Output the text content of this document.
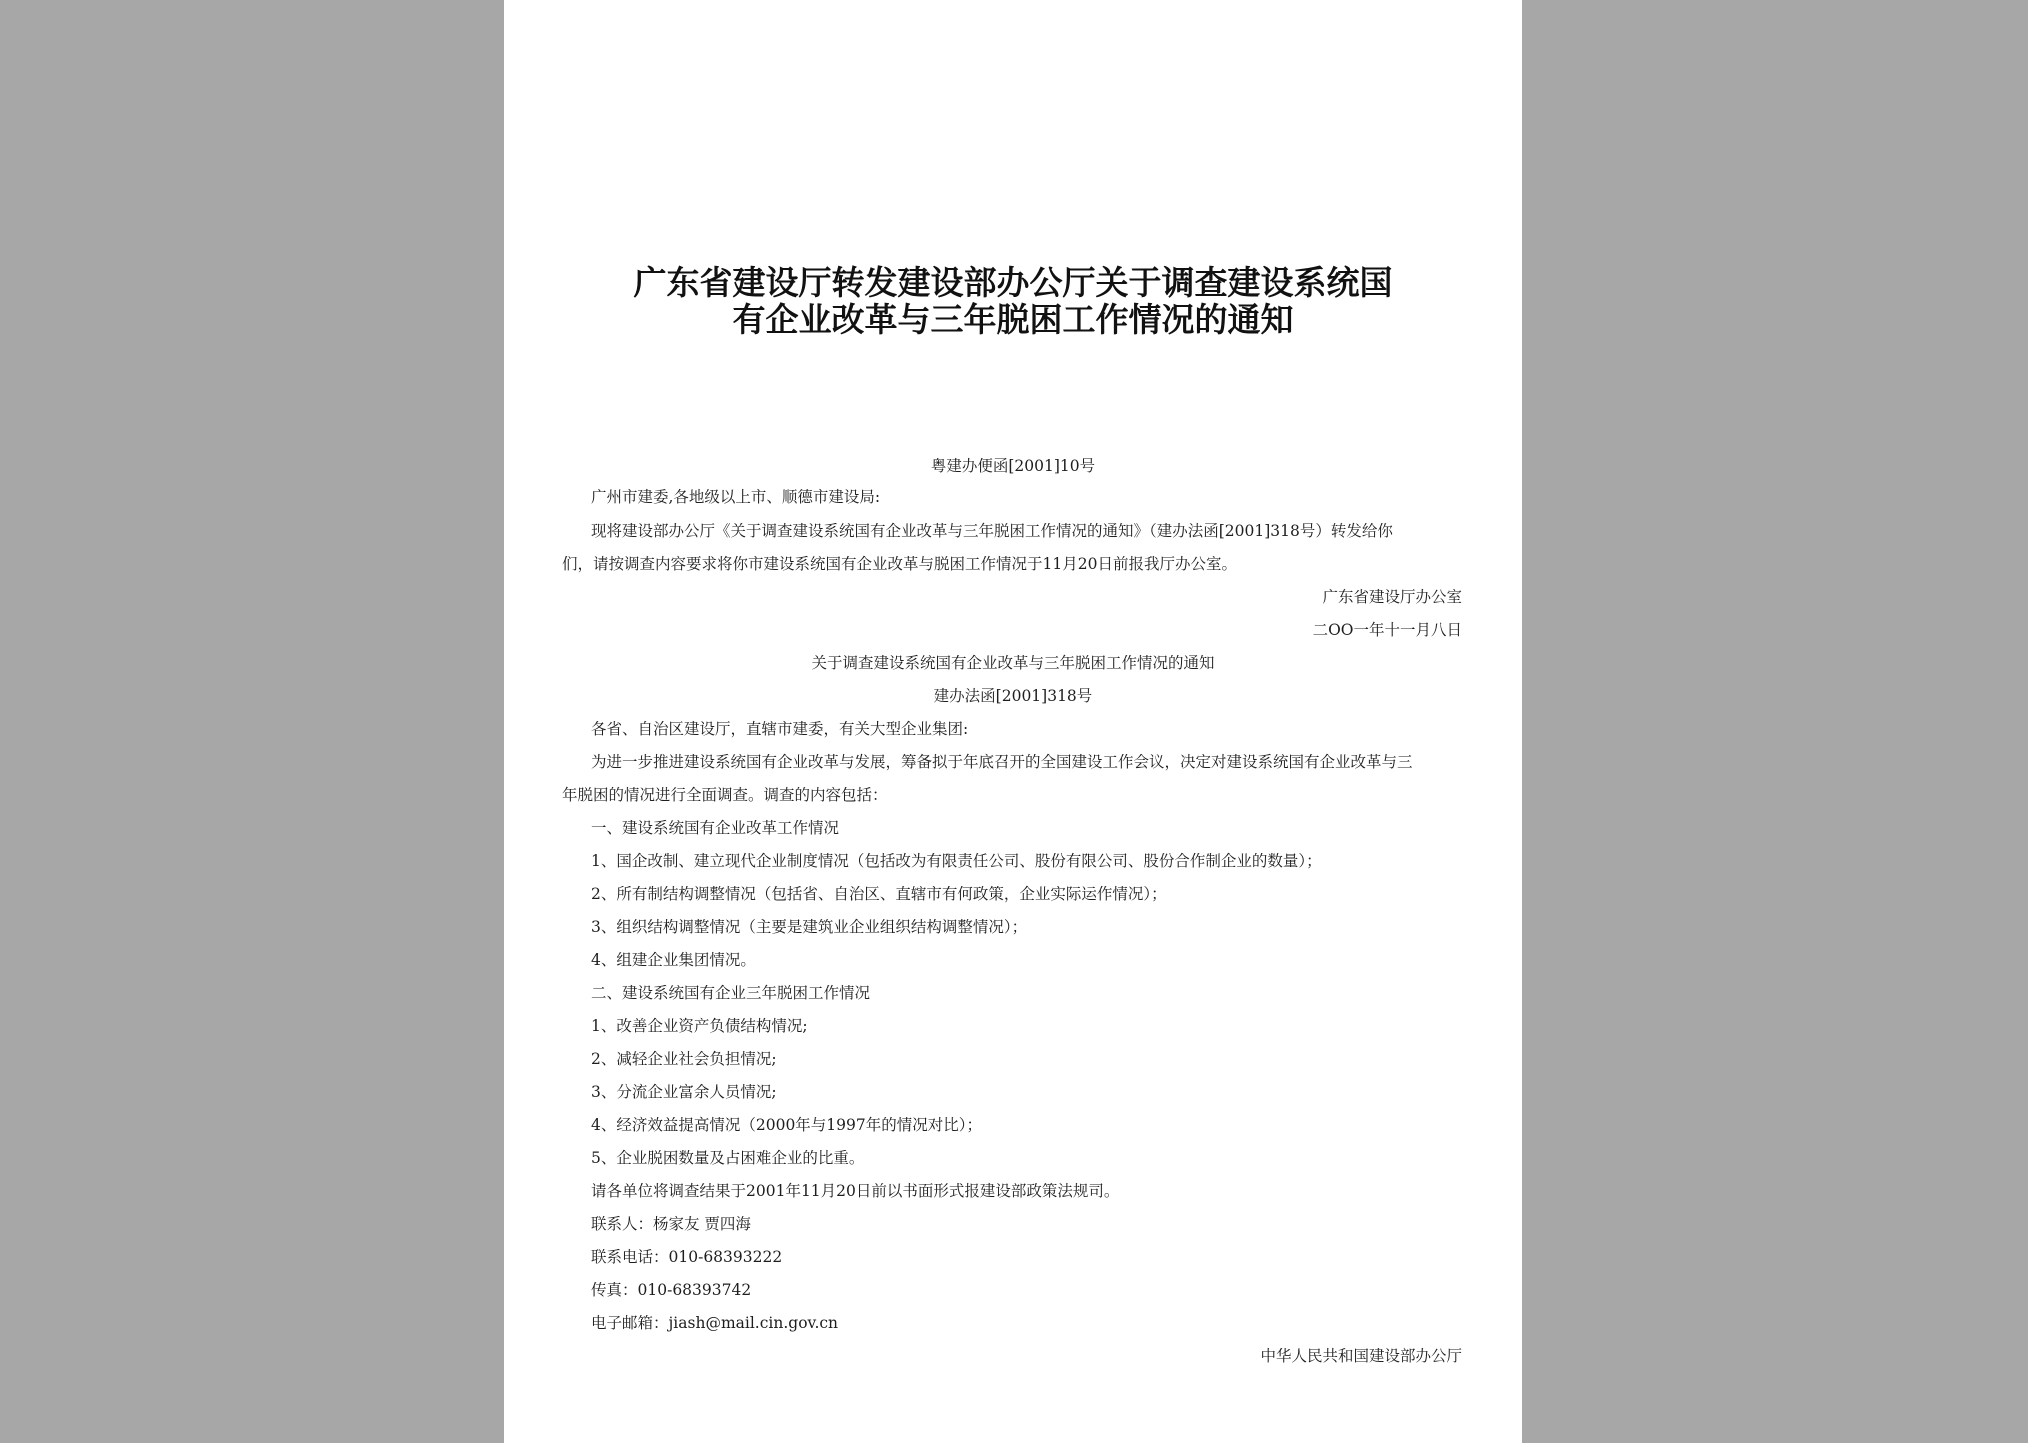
广东省建设厅转发建设部办公厅关于调查建设系统国
有企业改革与三年脱困工作情况的通知
粤建办便函[2001]10号
广州市建委,各地级以上市、顺德市建设局:
现将建设部办公厅《关于调查建设系统国有企业改革与三年脱困工作情况的通知》（建办法函[2001]318号）转发给你
们，请按调查内容要求将你市建设系统国有企业改革与脱困工作情况于11月20日前报我厅办公室。
广东省建设厅办公室
二OO一年十一月八日
关于调查建设系统国有企业改革与三年脱困工作情况的通知
建办法函[2001]318号
各省、自治区建设厅，直辖市建委，有关大型企业集团:
为进一步推进建设系统国有企业改革与发展，筹备拟于年底召开的全国建设工作会议，决定对建设系统国有企业改革与三
年脱困的情况进行全面调查。调查的内容包括：
一、建设系统国有企业改革工作情况
1、国企改制、建立现代企业制度情况（包括改为有限责任公司、股份有限公司、股份合作制企业的数量）；
2、所有制结构调整情况（包括省、自治区、直辖市有何政策，企业实际运作情况）；
3、组织结构调整情况（主要是建筑业企业组织结构调整情况）；
4、组建企业集团情况。
二、建设系统国有企业三年脱困工作情况
1、改善企业资产负债结构情况;
2、减轻企业社会负担情况;
3、分流企业富余人员情况;
4、经济效益提高情况（2000年与1997年的情况对比）；
5、企业脱困数量及占困难企业的比重。
请各单位将调查结果于2001年11月20日前以书面形式报建设部政策法规司。
联系人：杨家友 贾四海
联系电话：010-68393222
传真：010-68393742
电子邮箱：jiash@mail.cin.gov.cn
中华人民共和国建设部办公厅
